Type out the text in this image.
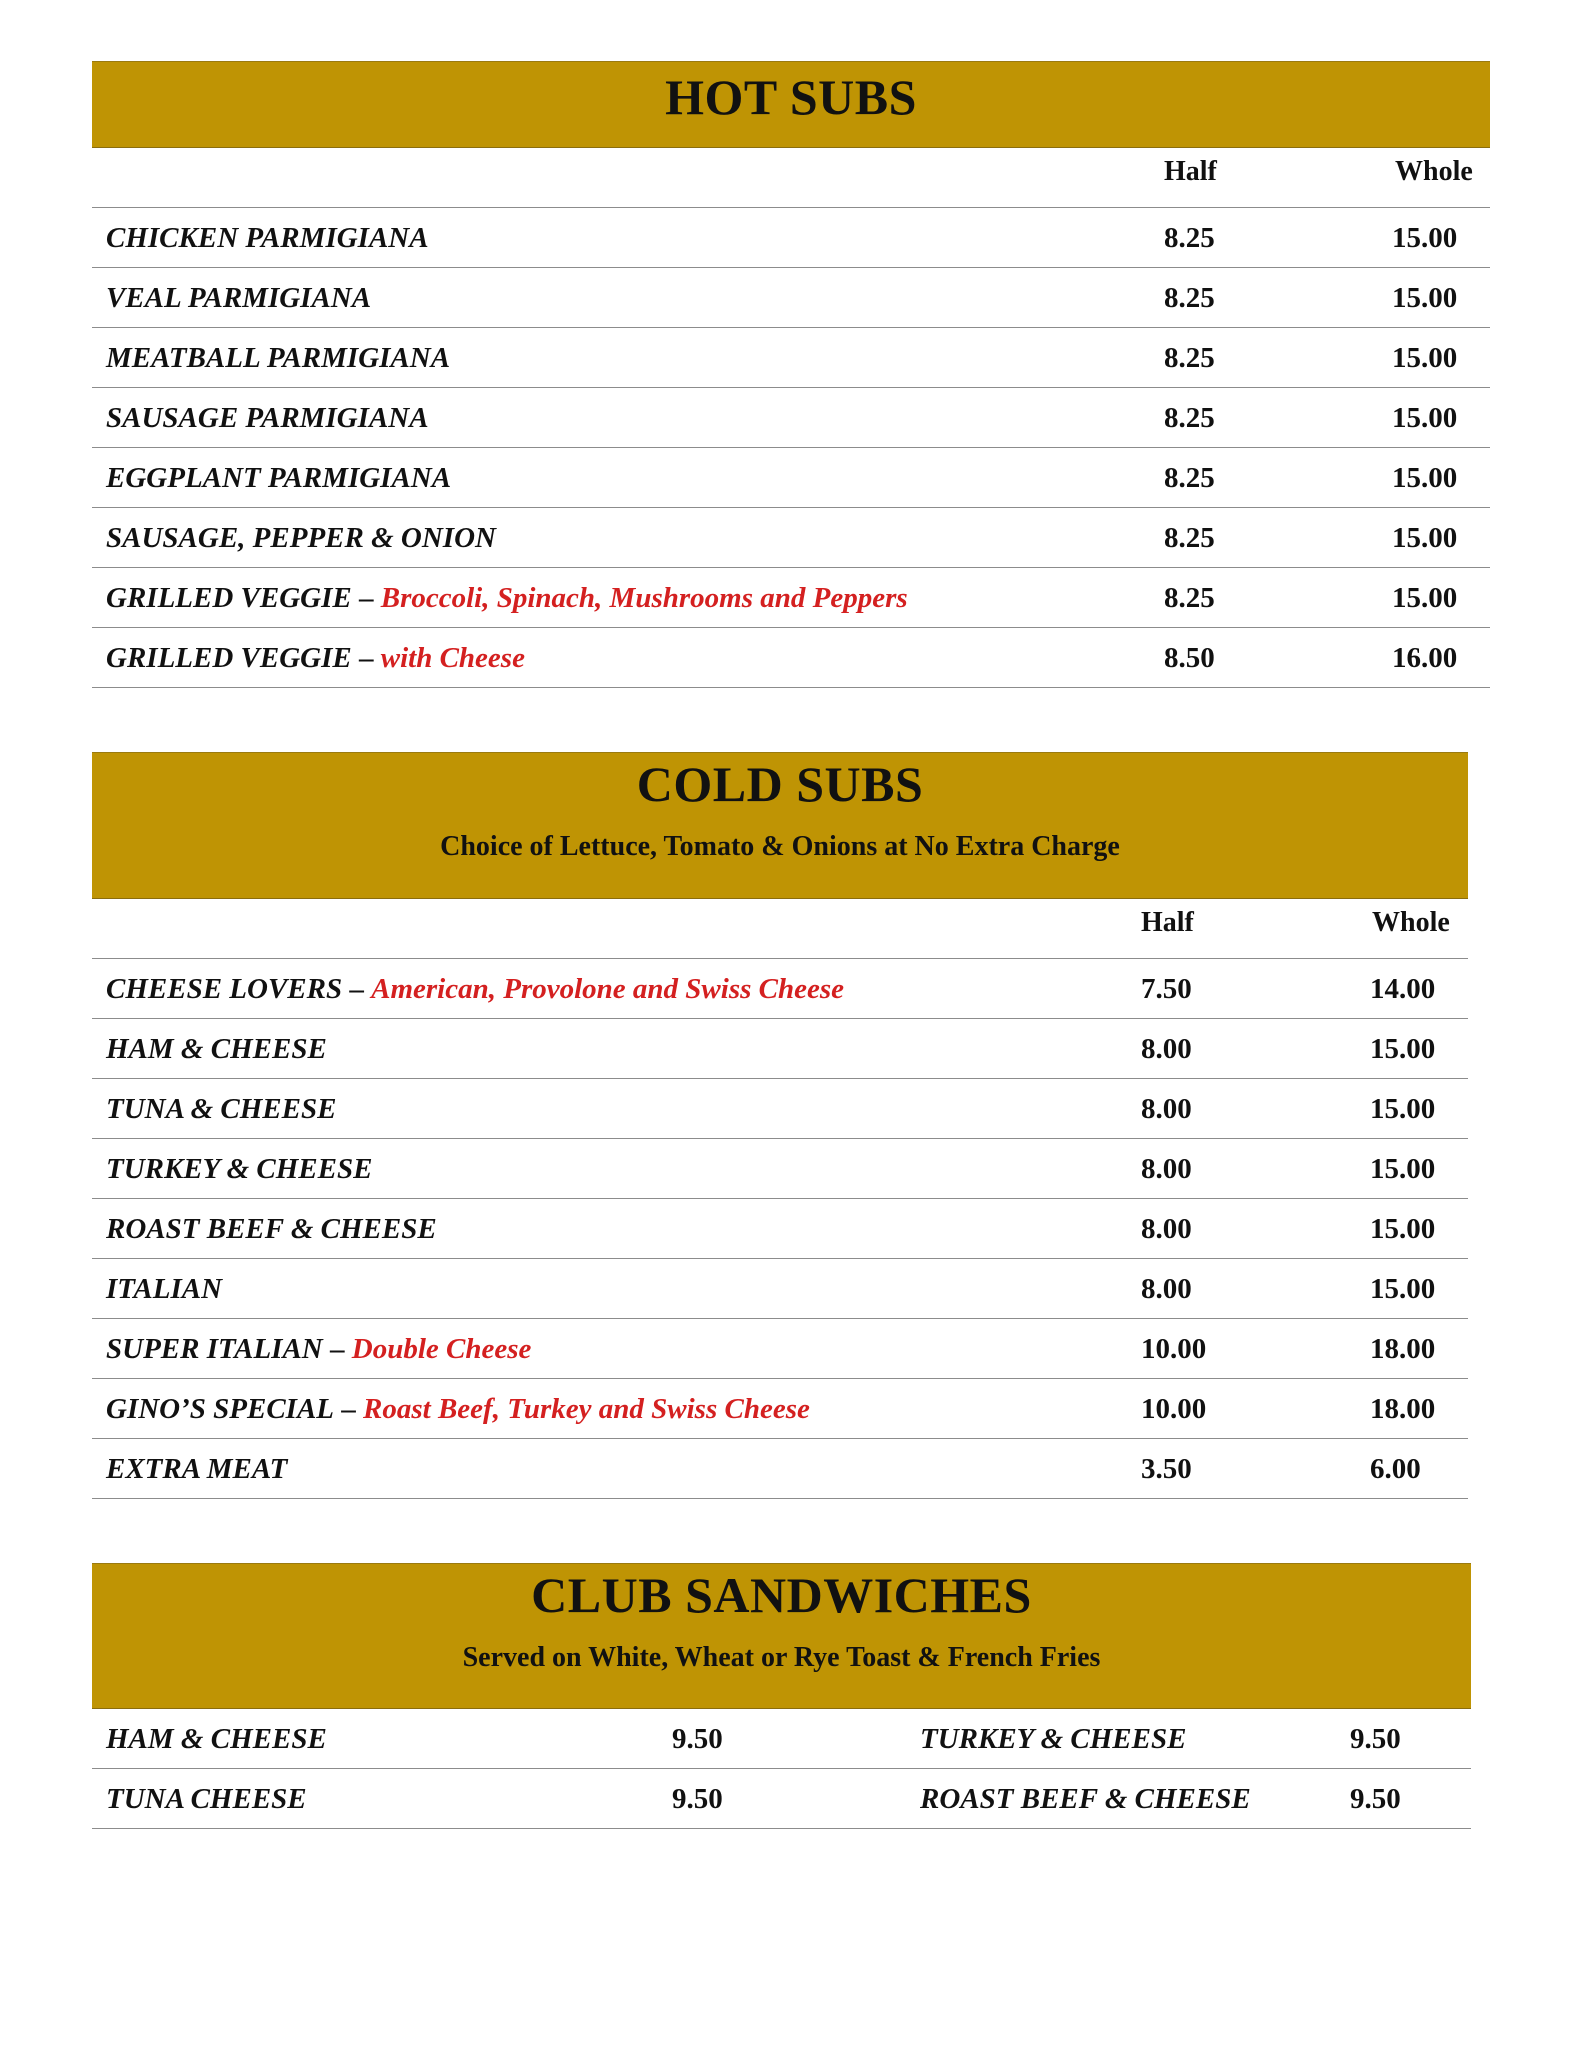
HOT SUBS
Half	Whole
CHICKEN PARMIGIANA	8.25	15.00
VEAL PARMIGIANA	8.25	15.00
MEATBALL PARMIGIANA	8.25	15.00
SAUSAGE PARMIGIANA	8.25	15.00
EGGPLANT PARMIGIANA	8.25	15.00
SAUSAGE, PEPPER & ONION	8.25	15.00
GRILLED VEGGIE – Broccoli, Spinach, Mushrooms and Peppers	8.25	15.00
GRILLED VEGGIE – with Cheese	8.50	16.00
COLD SUBS
Choice of Lettuce, Tomato & Onions at No Extra Charge
Half	Whole
CHEESE LOVERS – American, Provolone and Swiss Cheese	7.50	14.00
HAM & CHEESE	8.00	15.00
TUNA & CHEESE	8.00	15.00
TURKEY & CHEESE	8.00	15.00
ROAST BEEF & CHEESE	8.00	15.00
ITALIAN	8.00	15.00
SUPER ITALIAN – Double Cheese	10.00	18.00
GINO’S SPECIAL – Roast Beef, Turkey and Swiss Cheese	10.00	18.00
EXTRA MEAT	3.50	6.00
CLUB SANDWICHES
Served on White, Wheat or Rye Toast & French Fries
HAM & CHEESE	9.50	TURKEY & CHEESE	9.50
TUNA CHEESE	9.50	ROAST BEEF & CHEESE	9.50
